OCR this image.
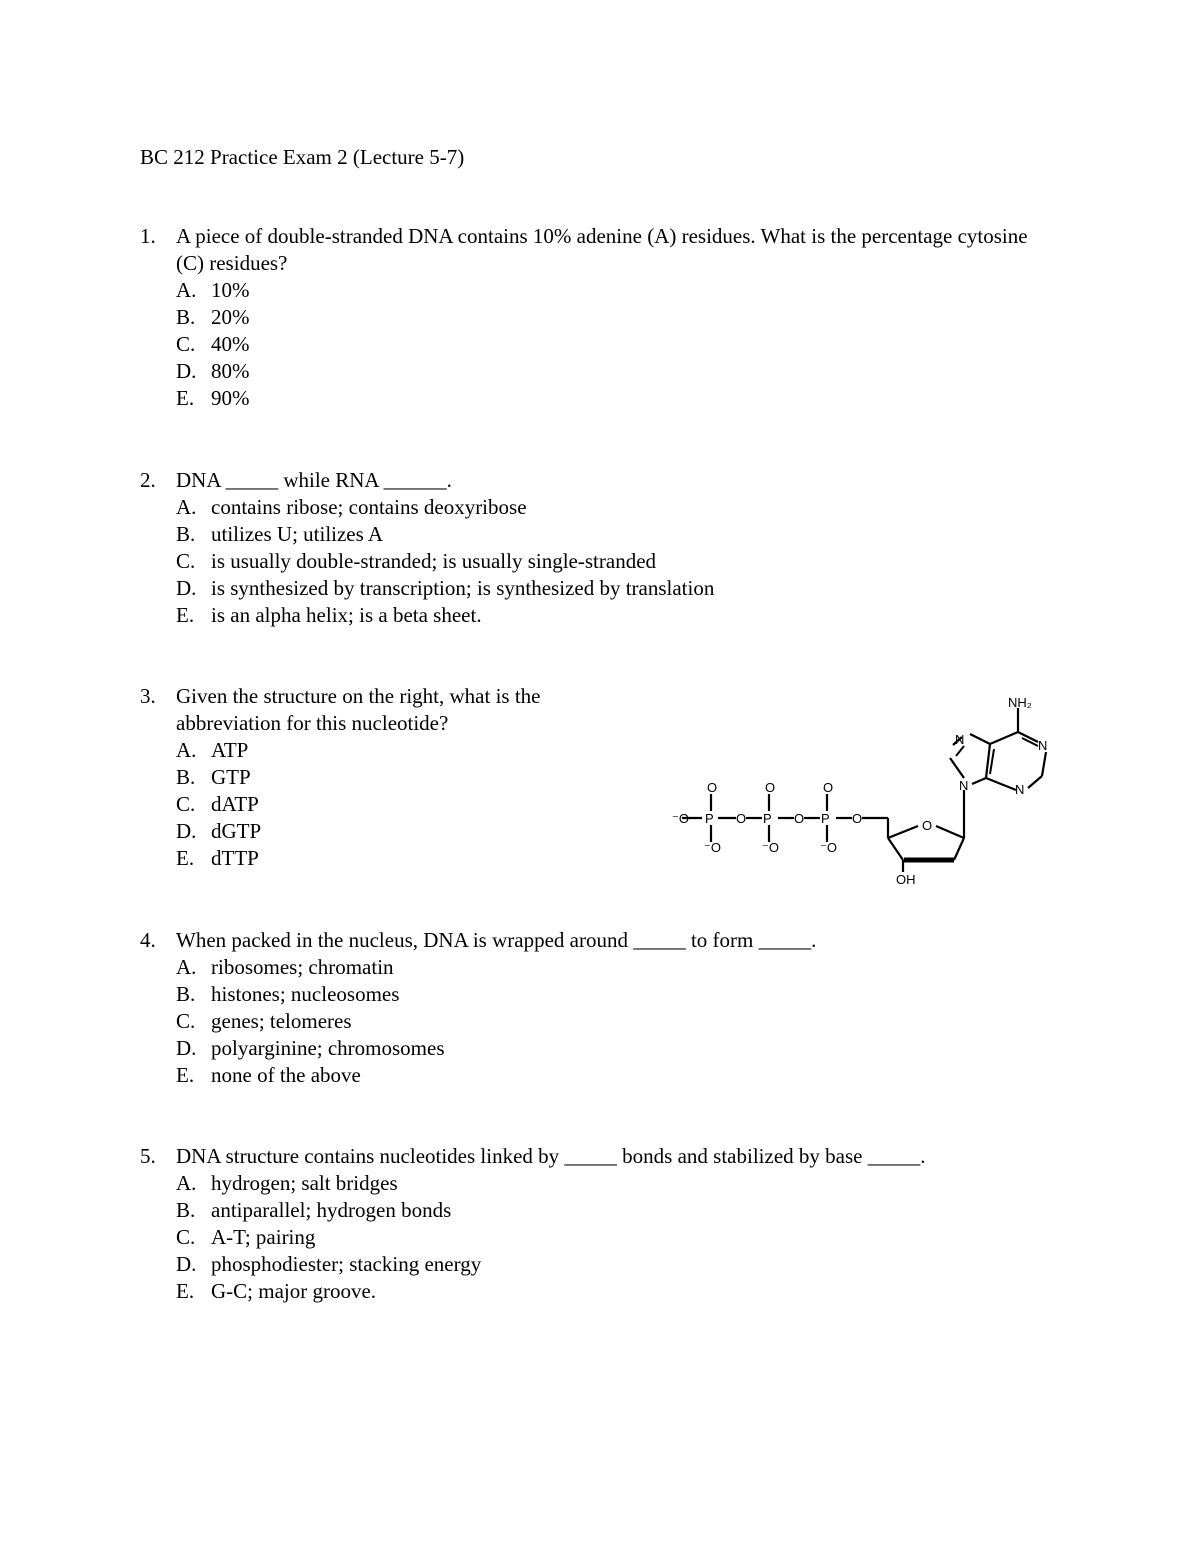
BC 212 Practice Exam 2 (Lecture 5-7)
1. A piece of double-stranded DNA contains 10% adenine (A) residues. What is the percentage cytosine (C) residues?
A. 10%
B. 20%
C. 40%
D. 80%
E. 90%
2. DNA _____ while RNA ______.
A. contains ribose; contains deoxyribose
B. utilizes U; utilizes A
C. is usually double-stranded; is usually single-stranded
D. is synthesized by transcription; is synthesized by translation
E. is an alpha helix; is a beta sheet.
3. Given the structure on the right, what is the abbreviation for this nucleotide?
A. ATP
B. GTP
C. dATP
D. dGTP
E. dTTP
⁻O P
O
⁻O
O P
O
⁻O
O P
O
⁻O
O	O
OH
N
N	N
N
NH₂
4. When packed in the nucleus, DNA is wrapped around _____ to form _____.
A. ribosomes; chromatin
B. histones; nucleosomes
C. genes; telomeres
D. polyarginine; chromosomes
E. none of the above
5. DNA structure contains nucleotides linked by _____ bonds and stabilized by base _____.
A. hydrogen; salt bridges
B. antiparallel; hydrogen bonds
C. A-T; pairing
D. phosphodiester; stacking energy
E. G-C; major groove.
